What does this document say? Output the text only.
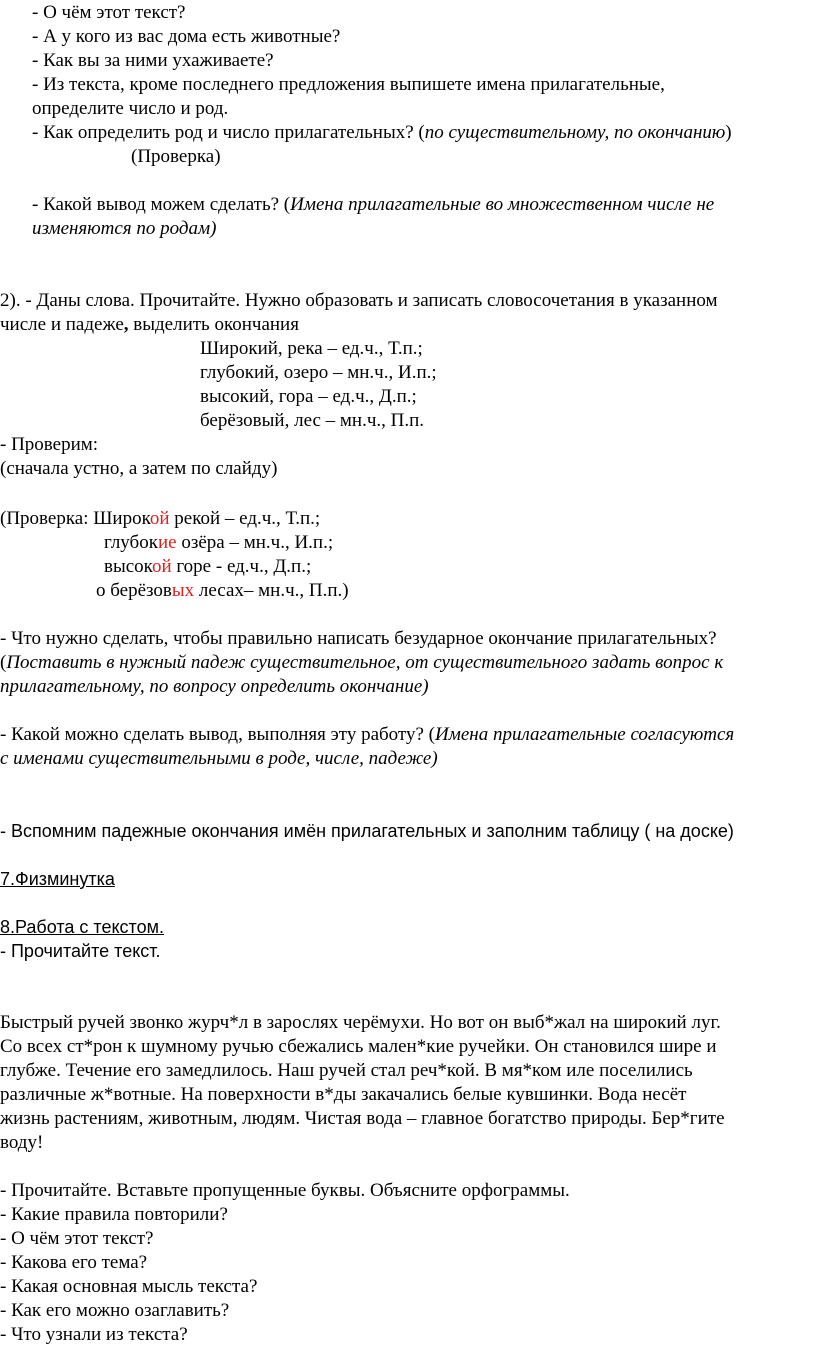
- О чём этот текст?
- А у кого из вас дома есть животные?
- Как вы за ними ухаживаете?
- Из текста, кроме последнего предложения выпишете имена прилагательные,
определите число и род.
- Как определить род и число прилагательных? (по существительному, по окончанию)
(Проверка)
- Какой вывод можем сделать? (Имена прилагательные во множественном числе не
изменяются по родам)
2). - Даны слова. Прочитайте. Нужно образовать и записать словосочетания в указанном
числе и падеже, выделить окончания
Широкий, река – ед.ч., Т.п.;
глубокий, озеро – мн.ч., И.п.;
высокий, гора – ед.ч., Д.п.;
берёзовый, лес – мн.ч., П.п.
- Проверим:
(сначала устно, а затем по слайду)
(Проверка: Широкой рекой – ед.ч., Т.п.;
глубокие озёра – мн.ч., И.п.;
высокой горе - ед.ч., Д.п.;
о берёзовых лесах– мн.ч., П.п.)
- Что нужно сделать, чтобы правильно написать безударное окончание прилагательных?
(Поставить в нужный падеж существительное, от существительного задать вопрос к
прилагательному, по вопросу определить окончание)
- Какой можно сделать вывод, выполняя эту работу? (Имена прилагательные согласуются
с именами существительными в роде, числе, падеже)
- Вспомним падежные окончания имён прилагательных и заполним таблицу ( на доске)
7.Физминутка
8.Работа с текстом.
- Прочитайте текст.
Быстрый ручей звонко журч*л в зарослях черёмухи. Но вот он выб*жал на широкий луг.
Со всех ст*рон к шумному ручью сбежались мален*кие ручейки. Он становился шире и
глубже. Течение его замедлилось. Наш ручей стал реч*кой. В мя*ком иле поселились
различные ж*вотные. На поверхности в*ды закачались белые кувшинки. Вода несёт
жизнь растениям, животным, людям. Чистая вода – главное богатство природы. Бер*гите
воду!
- Прочитайте. Вставьте пропущенные буквы. Объясните орфограммы.
- Какие правила повторили?
- О чём этот текст?
- Какова его тема?
- Какая основная мысль текста?
- Как его можно озаглавить?
- Что узнали из текста?
